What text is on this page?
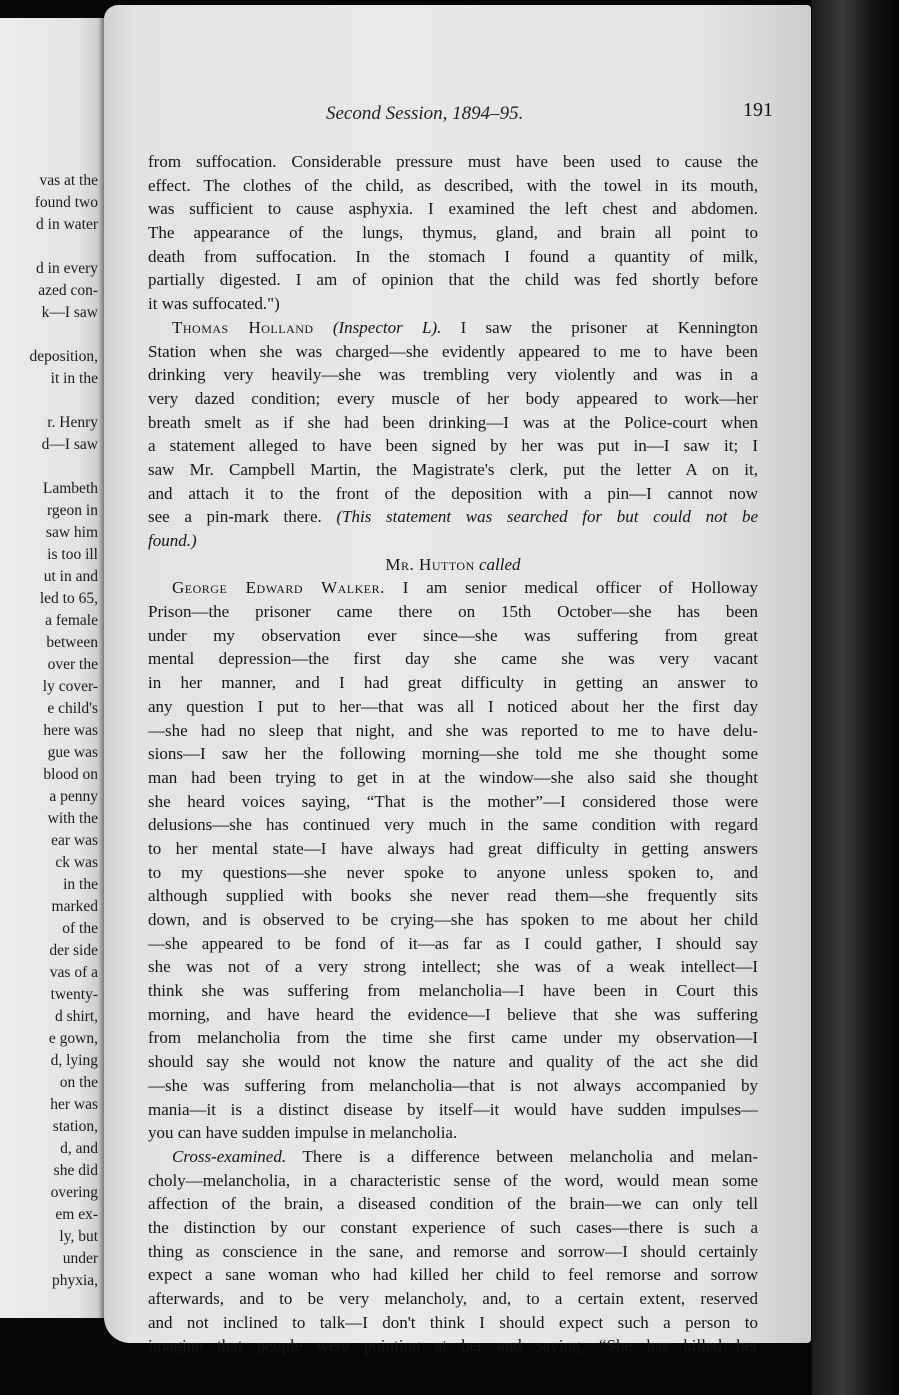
vas at the
found two
d in water
d in every
azed con-
k—I saw
deposition,
it in the
r. Henry
d—I saw
Lambeth
rgeon in
saw him
is too ill
ut in and
led to 65,
a female
between
over the
ly cover-
e child's
here was
gue was
blood on
a penny
with the
ear was
ck was
in the
marked
of the
der side
vas of a
twenty-
d shirt,
e gown,
d, lying
on the
her was
station,
d, and
she did
overing
em ex-
ly, but
under
phyxia,
Second Session, 1894–95.	191
from suffocation. Considerable pressure must have been used to cause the
effect. The clothes of the child, as described, with the towel in its mouth,
was sufficient to cause asphyxia. I examined the left chest and abdomen.
The appearance of the lungs, thymus, gland, and brain all point to
death from suffocation. In the stomach I found a quantity of milk,
partially digested. I am of opinion that the child was fed shortly before
it was suffocated.")
Thomas Holland (Inspector L). I saw the prisoner at Kennington
Station when she was charged—she evidently appeared to me to have been
drinking very heavily—she was trembling very violently and was in a
very dazed condition; every muscle of her body appeared to work—her
breath smelt as if she had been drinking—I was at the Police-court when
a statement alleged to have been signed by her was put in—I saw it; I
saw Mr. Campbell Martin, the Magistrate's clerk, put the letter A on it,
and attach it to the front of the deposition with a pin—I cannot now
see a pin-mark there. (This statement was searched for but could not be
found.)
Mr. Hutton called
George Edward Walker. I am senior medical officer of Holloway
Prison—the prisoner came there on 15th October—she has been
under my observation ever since—she was suffering from great
mental depression—the first day she came she was very vacant
in her manner, and I had great difficulty in getting an answer to
any question I put to her—that was all I noticed about her the first day
—she had no sleep that night, and she was reported to me to have delu-
sions—I saw her the following morning—she told me she thought some
man had been trying to get in at the window—she also said she thought
she heard voices saying, “That is the mother”—I considered those were
delusions—she has continued very much in the same condition with regard
to her mental state—I have always had great difficulty in getting answers
to my questions—she never spoke to anyone unless spoken to, and
although supplied with books she never read them—she frequently sits
down, and is observed to be crying—she has spoken to me about her child
—she appeared to be fond of it—as far as I could gather, I should say
she was not of a very strong intellect; she was of a weak intellect—I
think she was suffering from melancholia—I have been in Court this
morning, and have heard the evidence—I believe that she was suffering
from melancholia from the time she first came under my observation—I
should say she would not know the nature and quality of the act she did
—she was suffering from melancholia—that is not always accompanied by
mania—it is a distinct disease by itself—it would have sudden impulses—
you can have sudden impulse in melancholia.
Cross-examined. There is a difference between melancholia and melan-
choly—melancholia, in a characteristic sense of the word, would mean some
affection of the brain, a diseased condition of the brain—we can only tell
the distinction by our constant experience of such cases—there is such a
thing as conscience in the sane, and remorse and sorrow—I should certainly
expect a sane woman who had killed her child to feel remorse and sorrow
afterwards, and to be very melancholy, and, to a certain extent, reserved
and not inclined to talk—I don't think I should expect such a person to
imagine that people were pointing at her and saying, “She has killed her
